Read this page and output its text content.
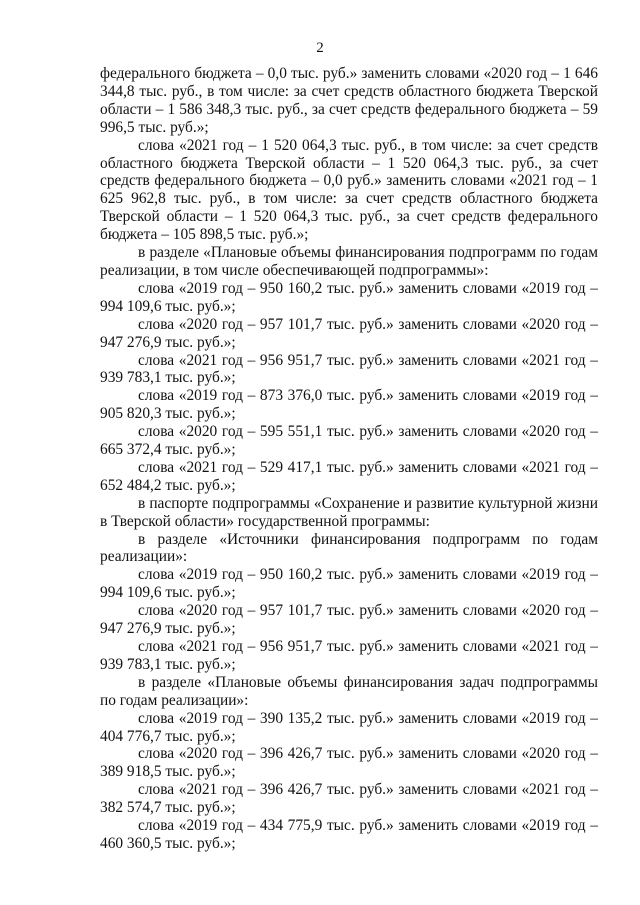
2

федерального бюджета – 0,0 тыс. руб.» заменить словами «2020 год – 1 646 344,8 тыс. руб., в том числе: за счет средств областного бюджета Тверской области – 1 586 348,3 тыс. руб., за счет средств федерального бюджета – 59 996,5 тыс. руб.»;

слова «2021 год – 1 520 064,3 тыс. руб., в том числе: за счет средств областного бюджета Тверской области – 1 520 064,3 тыс. руб., за счет средств федерального бюджета – 0,0 руб.» заменить словами «2021 год – 1 625 962,8 тыс. руб., в том числе: за счет средств областного бюджета Тверской области – 1 520 064,3 тыс. руб., за счет средств федерального бюджета – 105 898,5 тыс. руб.»;

в разделе «Плановые объемы финансирования подпрограмм по годам реализации, в том числе обеспечивающей подпрограммы»:

слова «2019 год – 950 160,2 тыс. руб.» заменить словами «2019 год – 994 109,6 тыс. руб.»;

слова «2020 год – 957 101,7 тыс. руб.» заменить словами «2020 год – 947 276,9 тыс. руб.»;

слова «2021 год – 956 951,7 тыс. руб.» заменить словами «2021 год – 939 783,1 тыс. руб.»;

слова «2019 год – 873 376,0 тыс. руб.» заменить словами «2019 год – 905 820,3 тыс. руб.»;

слова «2020 год – 595 551,1 тыс. руб.» заменить словами «2020 год – 665 372,4 тыс. руб.»;

слова «2021 год – 529 417,1 тыс. руб.» заменить словами «2021 год – 652 484,2 тыс. руб.»;

в паспорте подпрограммы «Сохранение и развитие культурной жизни в Тверской области» государственной программы:

в разделе «Источники финансирования подпрограмм по годам реализации»:

слова «2019 год – 950 160,2 тыс. руб.» заменить словами «2019 год – 994 109,6 тыс. руб.»;

слова «2020 год – 957 101,7 тыс. руб.» заменить словами «2020 год – 947 276,9 тыс. руб.»;

слова «2021 год – 956 951,7 тыс. руб.» заменить словами «2021 год – 939 783,1 тыс. руб.»;

в разделе «Плановые объемы финансирования задач подпрограммы по годам реализации»:

слова «2019 год – 390 135,2 тыс. руб.» заменить словами «2019 год – 404 776,7 тыс. руб.»;

слова «2020 год – 396 426,7 тыс. руб.» заменить словами «2020 год – 389 918,5 тыс. руб.»;

слова «2021 год – 396 426,7 тыс. руб.» заменить словами «2021 год – 382 574,7 тыс. руб.»;

слова «2019 год – 434 775,9 тыс. руб.» заменить словами «2019 год – 460 360,5 тыс. руб.»;
